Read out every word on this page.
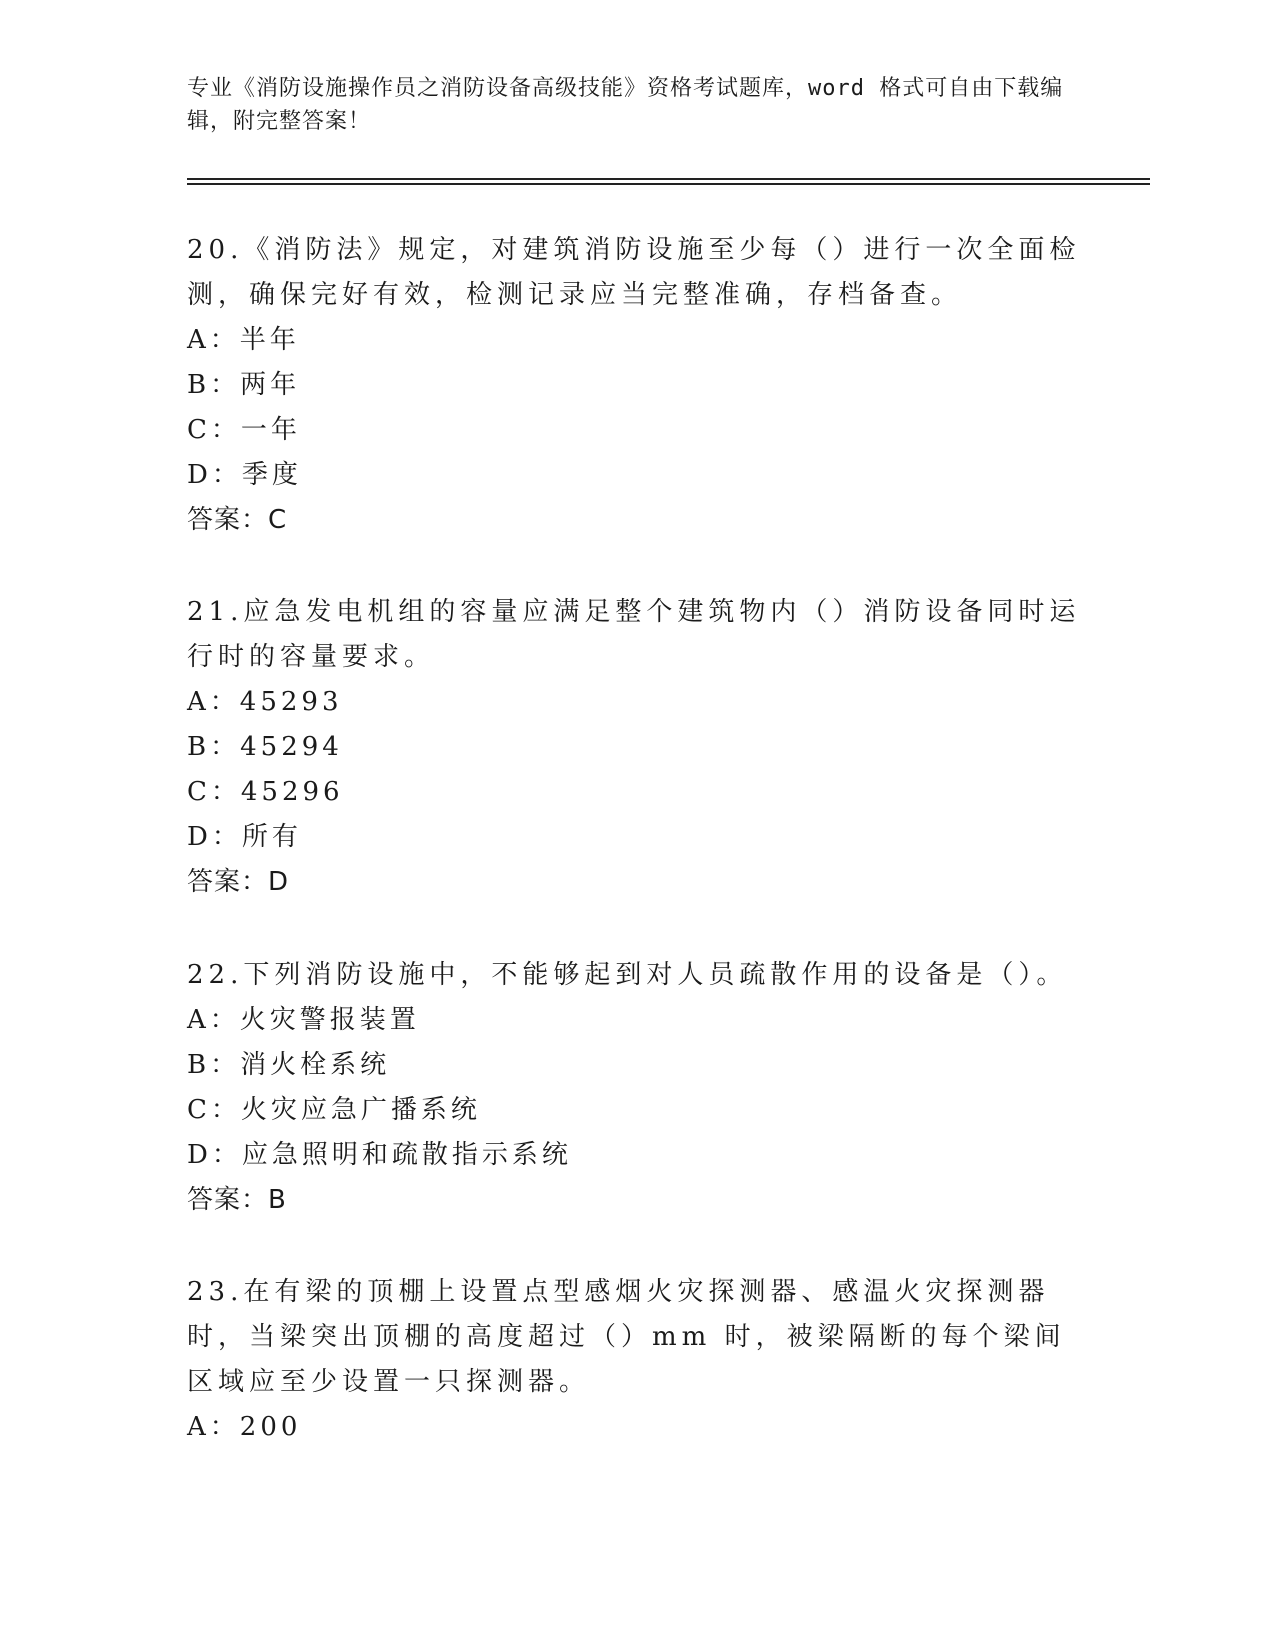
专业《消防设施操作员之消防设备高级技能》资格考试题库，word 格式可自由下载编辑，附完整答案！

20.《消防法》规定，对建筑消防设施至少每（）进行一次全面检测，确保完好有效，检测记录应当完整准确，存档备查。

A：半年

B：两年

C：一年

D：季度

答案：C

21.应急发电机组的容量应满足整个建筑物内（）消防设备同时运行时的容量要求。

A：45293

B：45294

C：45296

D：所有

答案：D

22.下列消防设施中，不能够起到对人员疏散作用的设备是（）。

A：火灾警报装置

B：消火栓系统

C：火灾应急广播系统

D：应急照明和疏散指示系统

答案：B

23.在有梁的顶棚上设置点型感烟火灾探测器、感温火灾探测器时，当梁突出顶棚的高度超过（）mm 时，被梁隔断的每个梁间区域应至少设置一只探测器。

A：200
